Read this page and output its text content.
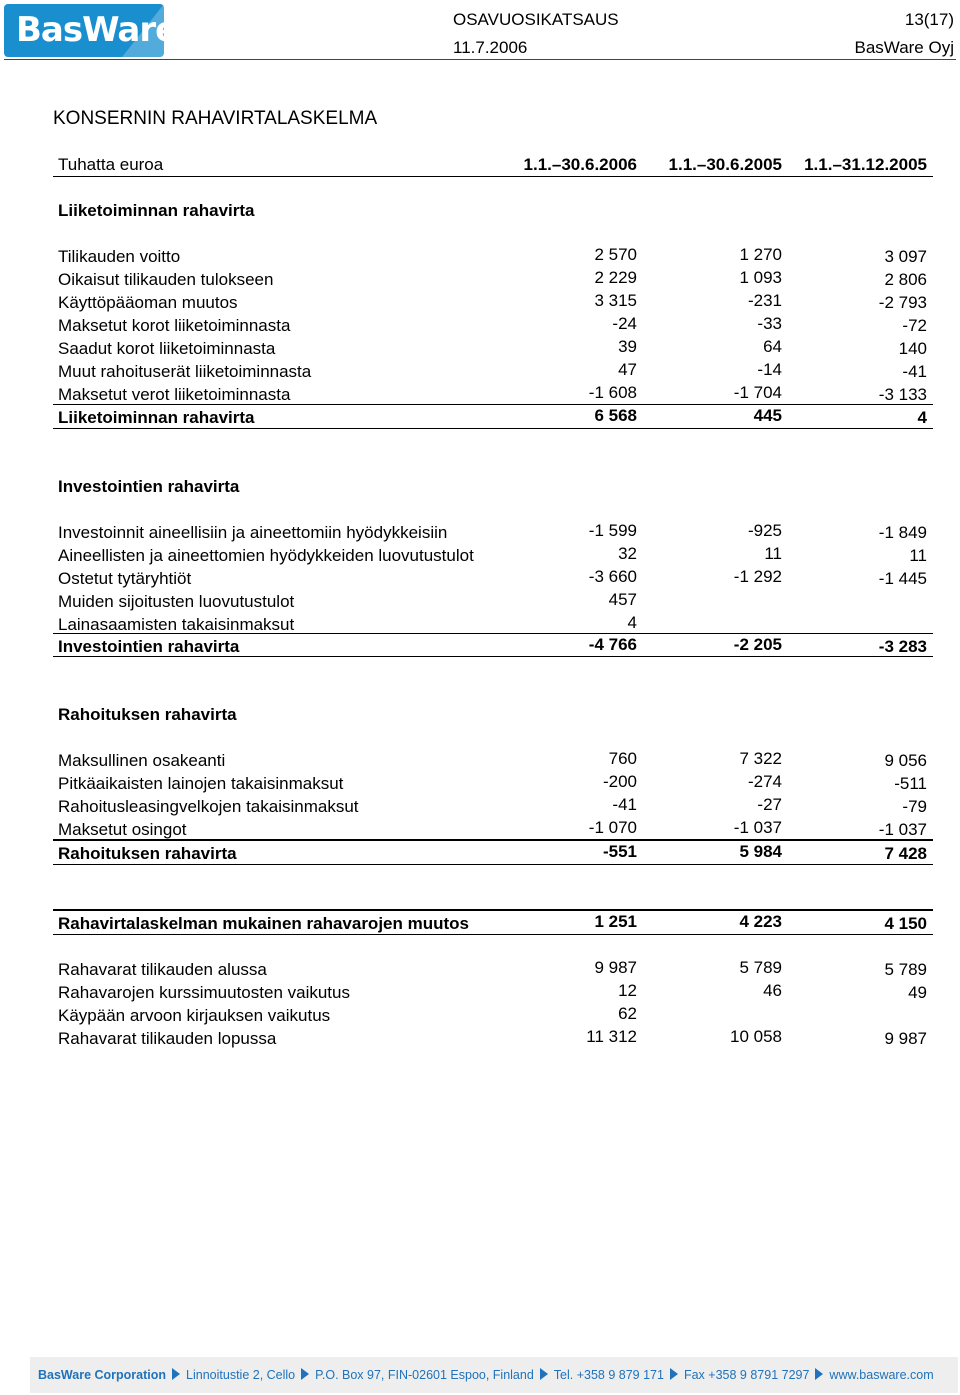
BasWare	OSAVUOSIKATSAUS
11.7.2006
13(17)
BasWare Oyj
KONSERNIN RAHAVIRTALASKELMA
Tuhatta euroa	1.1.–30.6.2006	1.1.–30.6.2005	1.1.–31.12.2005
Liiketoiminnan rahavirta
Tilikauden voitto	2 570	1 270	3 097
Oikaisut tilikauden tulokseen	2 229	1 093	2 806
Käyttöpääoman muutos	3 315	-231	-2 793
Maksetut korot liiketoiminnasta	-24	-33	-72
Saadut korot liiketoiminnasta	39	64	140
Muut rahoituserät liiketoiminnasta	47	-14	-41
Maksetut verot liiketoiminnasta	-1 608	-1 704	-3 133
Liiketoiminnan rahavirta	6 568	445	4
Investointien rahavirta
Investoinnit aineellisiin ja aineettomiin hyödykkeisiin	-1 599	-925	-1 849
Aineellisten ja aineettomien hyödykkeiden luovutustulot	32	11	11
Ostetut tytäryhtiöt	-3 660	-1 292	-1 445
Muiden sijoitusten luovutustulot	457
Lainasaamisten takaisinmaksut	4
Investointien rahavirta	-4 766	-2 205	-3 283
Rahoituksen rahavirta
Maksullinen osakeanti	760	7 322	9 056
Pitkäaikaisten lainojen takaisinmaksut	-200	-274	-511
Rahoitusleasingvelkojen takaisinmaksut	-41	-27	-79
Maksetut osingot	-1 070	-1 037	-1 037
Rahoituksen rahavirta	-551	5 984	7 428
Rahavirtalaskelman mukainen rahavarojen muutos	1 251	4 223	4 150
Rahavarat tilikauden alussa	9 987	5 789	5 789
Rahavarojen kurssimuutosten vaikutus	12	46	49
Käypään arvoon kirjauksen vaikutus	62
Rahavarat tilikauden lopussa	11 312	10 058	9 987
BasWare Corporation Linnoitustie 2, Cello P.O. Box 97, FIN-02601 Espoo, Finland Tel. +358 9 879 171 Fax +358 9 8791 7297 www.basware.com
